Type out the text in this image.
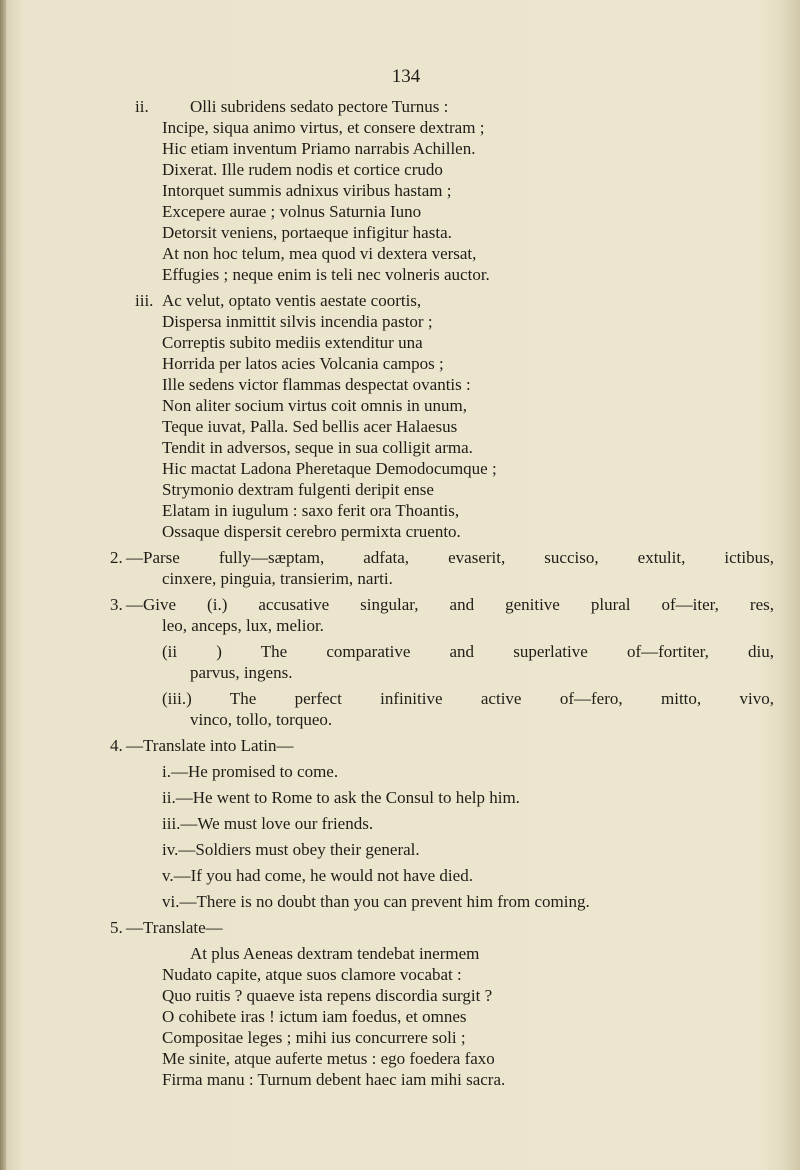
134
ii. Olli subridens sedato pectore Turnus :
Incipe, siqua animo virtus, et consere dextram ;
Hic etiam inventum Priamo narrabis Achillen.
Dixerat. Ille rudem nodis et cortice crudo
Intorquet summis adnixus viribus hastam ;
Excepere aurae ; volnus Saturnia Iuno
Detorsit veniens, portaeque infigitur hasta.
At non hoc telum, mea quod vi dextera versat,
Effugies ; neque enim is teli nec volneris auctor.
iii. Ac velut, optato ventis aestate coortis,
Dispersa inmittit silvis incendia pastor ;
Correptis subito mediis extenditur una
Horrida per latos acies Volcania campos ;
Ille sedens victor flammas despectat ovantis :
Non aliter socium virtus coit omnis in unum,
Teque iuvat, Palla. Sed bellis acer Halaesus
Tendit in adversos, seque in sua colligit arma.
Hic mactat Ladona Pheretaque Demodocumque ;
Strymonio dextram fulgenti deripit ense
Elatam in iugulum : saxo ferit ora Thoantis,
Ossaque dispersit cerebro permixta cruento.
2. —Parse fully—sæptam, adfata, evaserit, succiso, extulit, ictibus,
cinxere, pinguia, transierim, narti.
3. —Give (i.) accusative singular, and genitive plural of—iter, res,
leo, anceps, lux, melior.
(ii ) The comparative and superlative of—fortiter, diu,
parvus, ingens.
(iii.) The perfect infinitive active of—fero, mitto, vivo,
vinco, tollo, torqueo.
4. —Translate into Latin—
i.—He promised to come.
ii.—He went to Rome to ask the Consul to help him.
iii.—We must love our friends.
iv.—Soldiers must obey their general.
v.—If you had come, he would not have died.
vi.—There is no doubt than you can prevent him from coming.
5. —Translate—
At plus Aeneas dextram tendebat inermem
Nudato capite, atque suos clamore vocabat :
Quo ruitis ? quaeve ista repens discordia surgit ?
O cohibete iras ! ictum iam foedus, et omnes
Compositae leges ; mihi ius concurrere soli ;
Me sinite, atque auferte metus : ego foedera faxo
Firma manu : Turnum debent haec iam mihi sacra.
